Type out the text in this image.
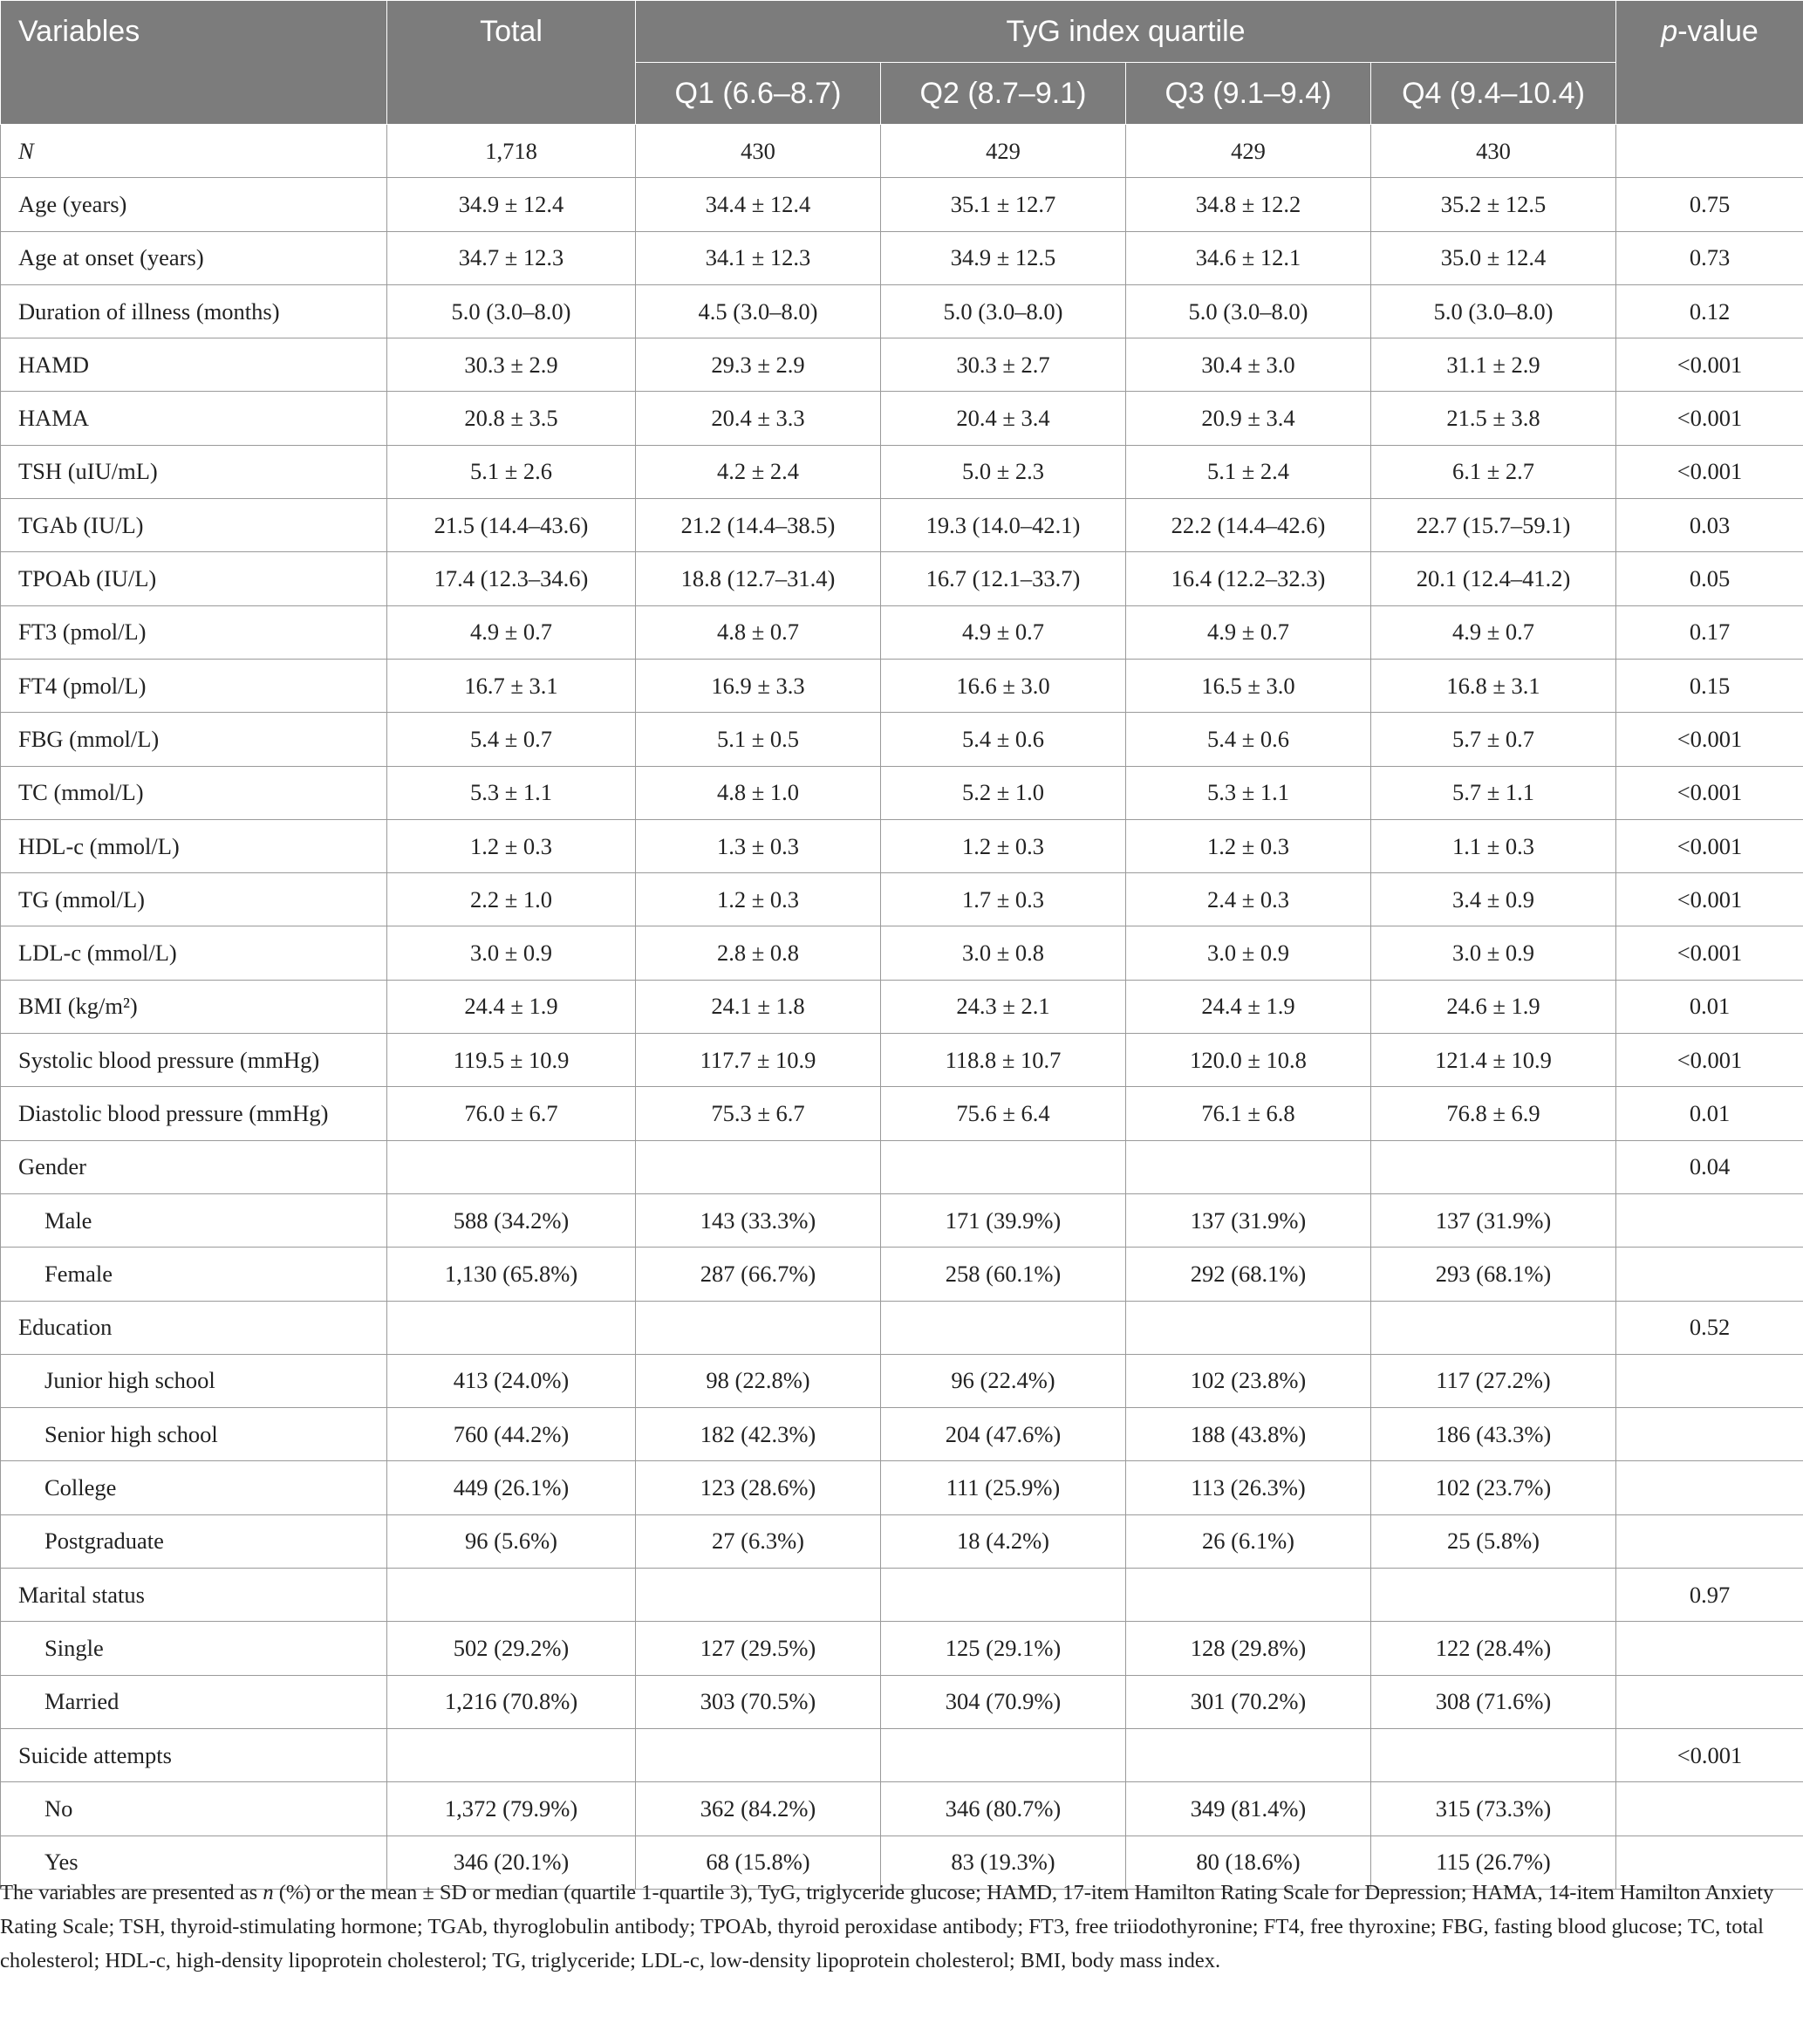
Variables	Total	TyG index quartile				p-value
		Q1 (6.6–8.7)	Q2 (8.7–9.1)	Q3 (9.1–9.4)	Q4 (9.4–10.4)	
N	1,718	430	429	429	430	
Age (years)	34.9 ± 12.4	34.4 ± 12.4	35.1 ± 12.7	34.8 ± 12.2	35.2 ± 12.5	0.75
Age at onset (years)	34.7 ± 12.3	34.1 ± 12.3	34.9 ± 12.5	34.6 ± 12.1	35.0 ± 12.4	0.73
Duration of illness (months)	5.0 (3.0–8.0)	4.5 (3.0–8.0)	5.0 (3.0–8.0)	5.0 (3.0–8.0)	5.0 (3.0–8.0)	0.12
HAMD	30.3 ± 2.9	29.3 ± 2.9	30.3 ± 2.7	30.4 ± 3.0	31.1 ± 2.9	<0.001
HAMA	20.8 ± 3.5	20.4 ± 3.3	20.4 ± 3.4	20.9 ± 3.4	21.5 ± 3.8	<0.001
TSH (uIU/mL)	5.1 ± 2.6	4.2 ± 2.4	5.0 ± 2.3	5.1 ± 2.4	6.1 ± 2.7	<0.001
TGAb (IU/L)	21.5 (14.4–43.6)	21.2 (14.4–38.5)	19.3 (14.0–42.1)	22.2 (14.4–42.6)	22.7 (15.7–59.1)	0.03
TPOAb (IU/L)	17.4 (12.3–34.6)	18.8 (12.7–31.4)	16.7 (12.1–33.7)	16.4 (12.2–32.3)	20.1 (12.4–41.2)	0.05
FT3 (pmol/L)	4.9 ± 0.7	4.8 ± 0.7	4.9 ± 0.7	4.9 ± 0.7	4.9 ± 0.7	0.17
FT4 (pmol/L)	16.7 ± 3.1	16.9 ± 3.3	16.6 ± 3.0	16.5 ± 3.0	16.8 ± 3.1	0.15
FBG (mmol/L)	5.4 ± 0.7	5.1 ± 0.5	5.4 ± 0.6	5.4 ± 0.6	5.7 ± 0.7	<0.001
TC (mmol/L)	5.3 ± 1.1	4.8 ± 1.0	5.2 ± 1.0	5.3 ± 1.1	5.7 ± 1.1	<0.001
HDL-c (mmol/L)	1.2 ± 0.3	1.3 ± 0.3	1.2 ± 0.3	1.2 ± 0.3	1.1 ± 0.3	<0.001
TG (mmol/L)	2.2 ± 1.0	1.2 ± 0.3	1.7 ± 0.3	2.4 ± 0.3	3.4 ± 0.9	<0.001
LDL-c (mmol/L)	3.0 ± 0.9	2.8 ± 0.8	3.0 ± 0.8	3.0 ± 0.9	3.0 ± 0.9	<0.001
BMI (kg/m²)	24.4 ± 1.9	24.1 ± 1.8	24.3 ± 2.1	24.4 ± 1.9	24.6 ± 1.9	0.01
Systolic blood pressure (mmHg)	119.5 ± 10.9	117.7 ± 10.9	118.8 ± 10.7	120.0 ± 10.8	121.4 ± 10.9	<0.001
Diastolic blood pressure (mmHg)	76.0 ± 6.7	75.3 ± 6.7	75.6 ± 6.4	76.1 ± 6.8	76.8 ± 6.9	0.01
Gender						0.04
Male	588 (34.2%)	143 (33.3%)	171 (39.9%)	137 (31.9%)	137 (31.9%)	
Female	1,130 (65.8%)	287 (66.7%)	258 (60.1%)	292 (68.1%)	293 (68.1%)	
Education						0.52
Junior high school	413 (24.0%)	98 (22.8%)	96 (22.4%)	102 (23.8%)	117 (27.2%)	
Senior high school	760 (44.2%)	182 (42.3%)	204 (47.6%)	188 (43.8%)	186 (43.3%)	
College	449 (26.1%)	123 (28.6%)	111 (25.9%)	113 (26.3%)	102 (23.7%)	
Postgraduate	96 (5.6%)	27 (6.3%)	18 (4.2%)	26 (6.1%)	25 (5.8%)	
Marital status						0.97
Single	502 (29.2%)	127 (29.5%)	125 (29.1%)	128 (29.8%)	122 (28.4%)	
Married	1,216 (70.8%)	303 (70.5%)	304 (70.9%)	301 (70.2%)	308 (71.6%)	
Suicide attempts						<0.001
No	1,372 (79.9%)	362 (84.2%)	346 (80.7%)	349 (81.4%)	315 (73.3%)	
Yes	346 (20.1%)	68 (15.8%)	83 (19.3%)	80 (18.6%)	115 (26.7%)	

The variables are presented as n (%) or the mean ± SD or median (quartile 1-quartile 3), TyG, triglyceride glucose; HAMD, 17-item Hamilton Rating Scale for Depression; HAMA, 14-item Hamilton Anxiety Rating Scale; TSH, thyroid-stimulating hormone; TGAb, thyroglobulin antibody; TPOAb, thyroid peroxidase antibody; FT3, free triiodothyronine; FT4, free thyroxine; FBG, fasting blood glucose; TC, total cholesterol; HDL-c, high-density lipoprotein cholesterol; TG, triglyceride; LDL-c, low-density lipoprotein cholesterol; BMI, body mass index.
